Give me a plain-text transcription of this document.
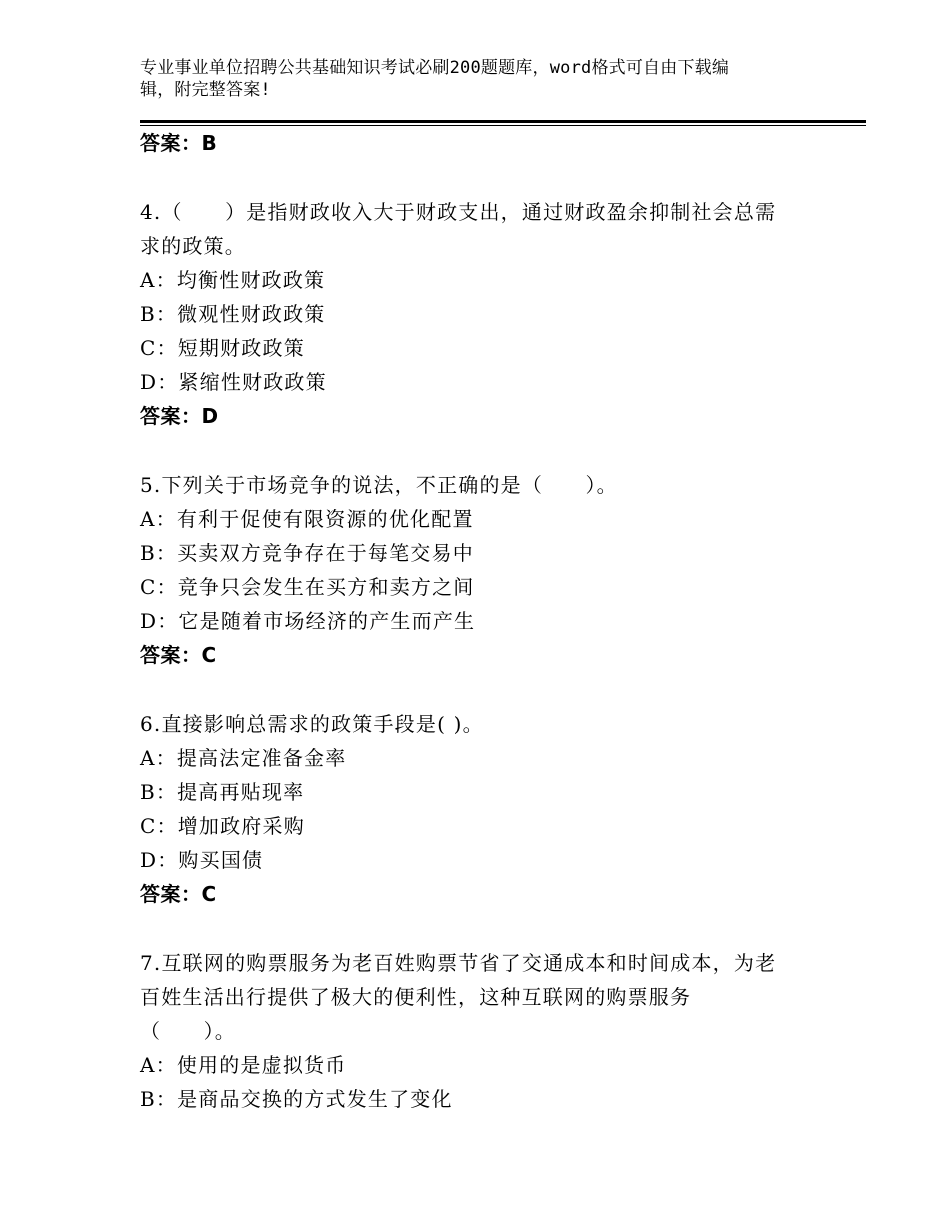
专业事业单位招聘公共基础知识考试必刷200题题库，word格式可自由下载编
辑，附完整答案!
答案：B
4.（　　）是指财政收入大于财政支出，通过财政盈余抑制社会总需
求的政策。
A：均衡性财政政策
B：微观性财政政策
C：短期财政政策
D：紧缩性财政政策
答案：D
5.下列关于市场竞争的说法，不正确的是（　　）。
A：有利于促使有限资源的优化配置
B：买卖双方竞争存在于每笔交易中
C：竞争只会发生在买方和卖方之间
D：它是随着市场经济的产生而产生
答案：C
6.直接影响总需求的政策手段是( )。
A：提高法定准备金率
B：提高再贴现率
C：增加政府采购
D：购买国债
答案：C
7.互联网的购票服务为老百姓购票节省了交通成本和时间成本，为老
百姓生活出行提供了极大的便利性，这种互联网的购票服务
（　　）。
A：使用的是虚拟货币
B：是商品交换的方式发生了变化
